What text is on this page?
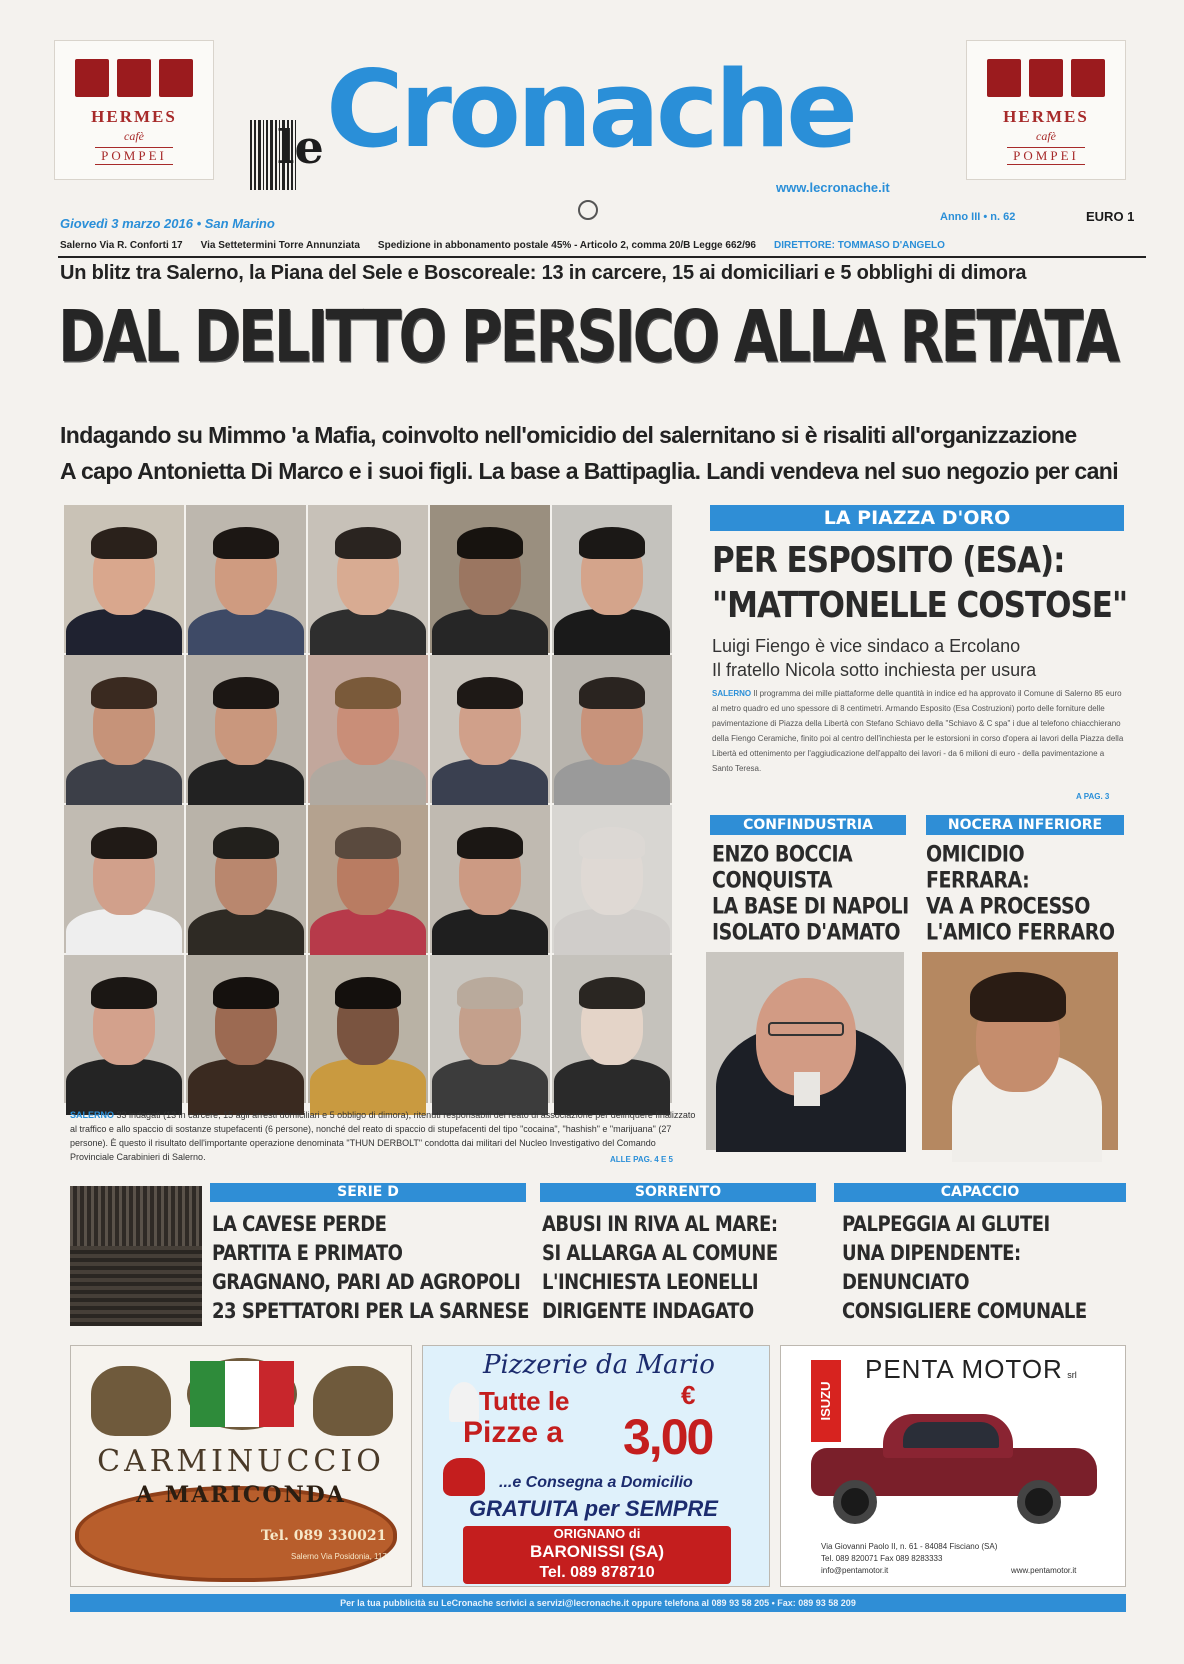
HERMES
cafè
POMPEI le Cronache
www.lecronache.it
HERMES
cafè
POMPEI
Giovedì 3 marzo 2016 • San Marino	Anno III • n. 62	EURO 1
Salerno Via R. Conforti 17 Via Settetermini Torre Annunziata Spedizione in abbonamento postale 45% - Articolo 2, comma 20/B Legge 662/96 DIRETTORE: TOMMASO D'ANGELO
Un blitz tra Salerno, la Piana del Sele e Boscoreale: 13 in carcere, 15 ai domiciliari e 5 obblighi di dimora
DAL DELITTO PERSICO ALLA RETATA
Indagando su Mimmo 'a Mafia, coinvolto nell'omicidio del salernitano si è risaliti all'organizzazione
A capo Antonietta Di Marco e i suoi figli. La base a Battipaglia. Landi vendeva nel suo negozio per cani
SALERNO 33 indagati (13 in carcere, 15 agli arresti domiciliari e 5 obbligo di dimora), ritenuti responsabili del reato di associazione per delinquere finalizzato al traffico e allo spaccio di sostanze stupefacenti (6 persone), nonché del reato di spaccio di stupefacenti del tipo "cocaina", "hashish" e "marijuana" (27 persone). È questo il risultato dell'importante operazione denominata "THUN DERBOLT" condotta dai militari del Nucleo Investigativo del Comando Provinciale Carabinieri di Salerno.	ALLE PAG. 4 E 5
LA PIAZZA D'ORO
PER ESPOSITO (ESA):
"MATTONELLE COSTOSE"
Luigi Fiengo è vice sindaco a Ercolano
Il fratello Nicola sotto inchiesta per usura
SALERNO Il programma dei mille piattaforme delle quantità in indice ed ha approvato il Comune di Salerno 85 euro al metro quadro ed uno spessore di 8 centimetri. Armando Esposito (Esa Costruzioni) porto delle forniture delle pavimentazione di Piazza della Libertà con Stefano Schiavo della "Schiavo & C spa" i due al telefono chiacchierano della Fiengo Ceramiche, finito poi al centro dell'inchiesta per le estorsioni in corso d'opera ai lavori della Piazza della Libertà ed ottenimento per l'aggiudicazione dell'appalto dei lavori - da 6 milioni di euro - della pavimentazione a Santo Teresa.
A PAG. 3
CONFINDUSTRIA
ENZO BOCCIA
CONQUISTA
LA BASE DI NAPOLI
ISOLATO D'AMATO
NOCERA INFERIORE
OMICIDIO
FERRARA:
VA A PROCESSO
L'AMICO FERRARO
SERIE D
LA CAVESE PERDE
PARTITA E PRIMATO
GRAGNANO, PARI AD AGROPOLI
23 SPETTATORI PER LA SARNESE
SORRENTO
ABUSI IN RIVA AL MARE:
SI ALLARGA AL COMUNE
L'INCHIESTA LEONELLI
DIRIGENTE INDAGATO
CAPACCIO
PALPEGGIA AI GLUTEI
UNA DIPENDENTE:
DENUNCIATO
CONSIGLIERE COMUNALE
CARMINUCCIO
A MARICONDA
Tel. 089 330021
Salerno Via Posidonia, 117
Pizzerie da Mario
Tutte le
Pizze a
€
3,00
...e Consegna a Domicilio
GRATUITA per SEMPRE
ORIGNANO di
BARONISSI (SA)
Tel. 089 878710
ISUZU
PENTA MOTOR srl
Via Giovanni Paolo II, n. 61 - 84084 Fisciano (SA)
Tel. 089 820071 Fax 089 8283333
info@pentamotor.it	www.pentamotor.it
Per la tua pubblicità su LeCronache scrivici a servizi@lecronache.it oppure telefona al 089 93 58 205 • Fax: 089 93 58 209
